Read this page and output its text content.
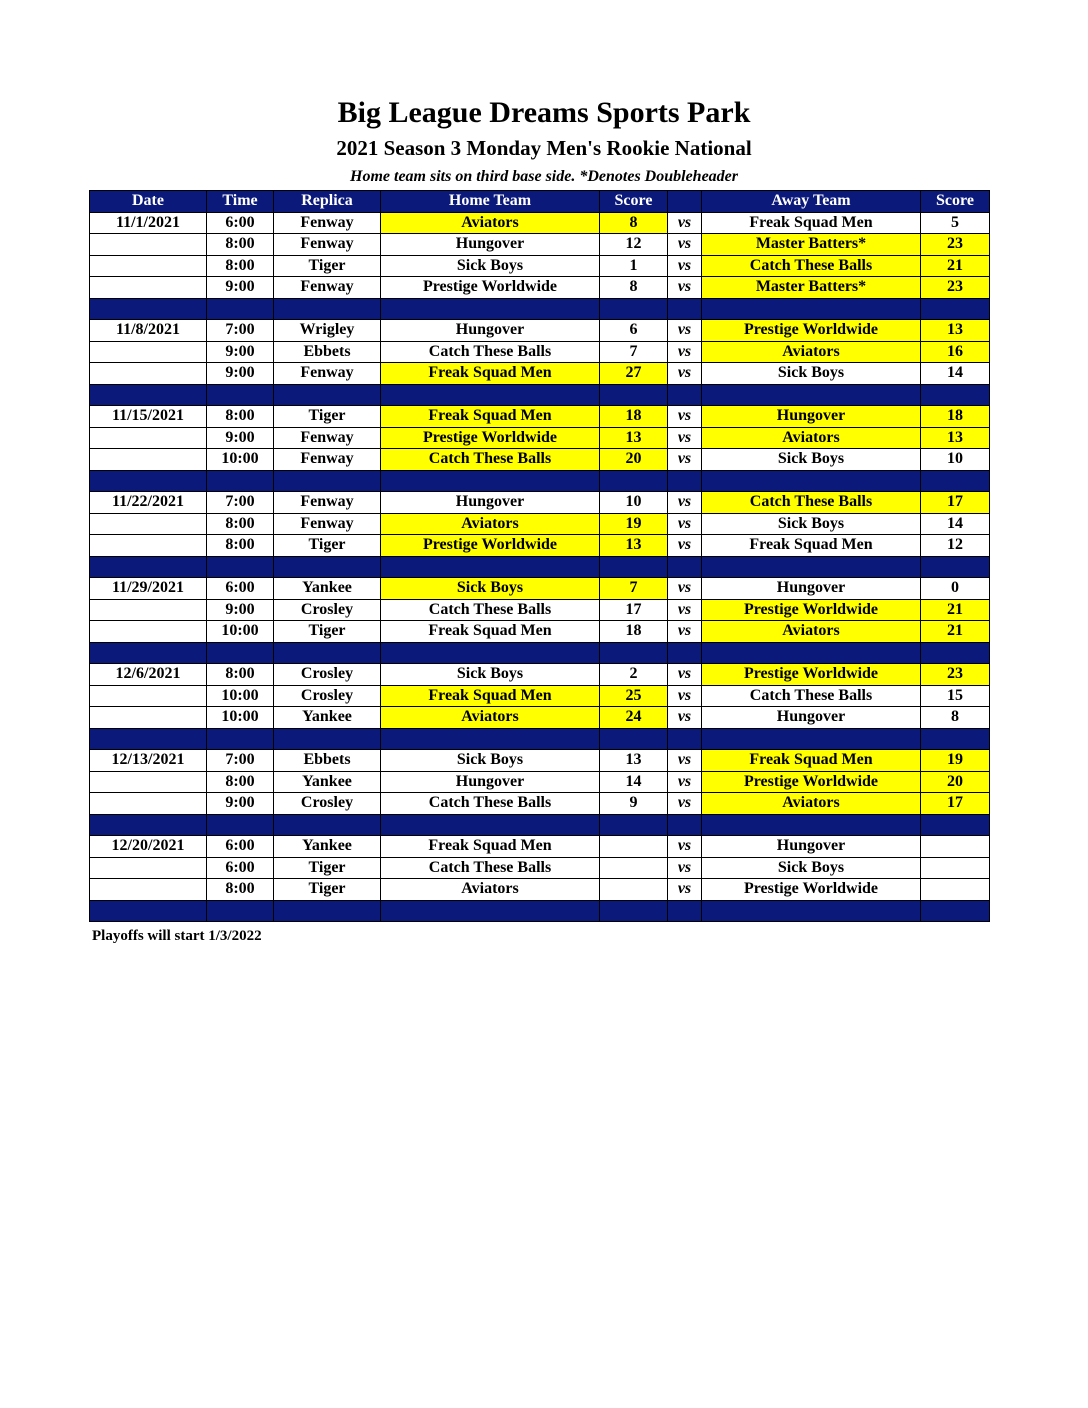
Big League Dreams Sports Park
2021 Season 3 Monday Men's Rookie National
Home team sits on third base side. *Denotes Doubleheader
Date	Time	Replica	Home Team	Score		Away Team	Score
11/1/2021	6:00	Fenway	Aviators	8	vs	Freak Squad Men	5
	8:00	Fenway	Hungover	12	vs	Master Batters*	23
	8:00	Tiger	Sick Boys	1	vs	Catch These Balls	21
	9:00	Fenway	Prestige Worldwide	8	vs	Master Batters*	23

11/8/2021	7:00	Wrigley	Hungover	6	vs	Prestige Worldwide	13
	9:00	Ebbets	Catch These Balls	7	vs	Aviators	16
	9:00	Fenway	Freak Squad Men	27	vs	Sick Boys	14

11/15/2021	8:00	Tiger	Freak Squad Men	18	vs	Hungover	18
	9:00	Fenway	Prestige Worldwide	13	vs	Aviators	13
	10:00	Fenway	Catch These Balls	20	vs	Sick Boys	10

11/22/2021	7:00	Fenway	Hungover	10	vs	Catch These Balls	17
	8:00	Fenway	Aviators	19	vs	Sick Boys	14
	8:00	Tiger	Prestige Worldwide	13	vs	Freak Squad Men	12

11/29/2021	6:00	Yankee	Sick Boys	7	vs	Hungover	0
	9:00	Crosley	Catch These Balls	17	vs	Prestige Worldwide	21
	10:00	Tiger	Freak Squad Men	18	vs	Aviators	21

12/6/2021	8:00	Crosley	Sick Boys	2	vs	Prestige Worldwide	23
	10:00	Crosley	Freak Squad Men	25	vs	Catch These Balls	15
	10:00	Yankee	Aviators	24	vs	Hungover	8

12/13/2021	7:00	Ebbets	Sick Boys	13	vs	Freak Squad Men	19
	8:00	Yankee	Hungover	14	vs	Prestige Worldwide	20
	9:00	Crosley	Catch These Balls	9	vs	Aviators	17

12/20/2021	6:00	Yankee	Freak Squad Men		vs	Hungover	
	6:00	Tiger	Catch These Balls		vs	Sick Boys	
	8:00	Tiger	Aviators		vs	Prestige Worldwide	

Playoffs will start 1/3/2022
